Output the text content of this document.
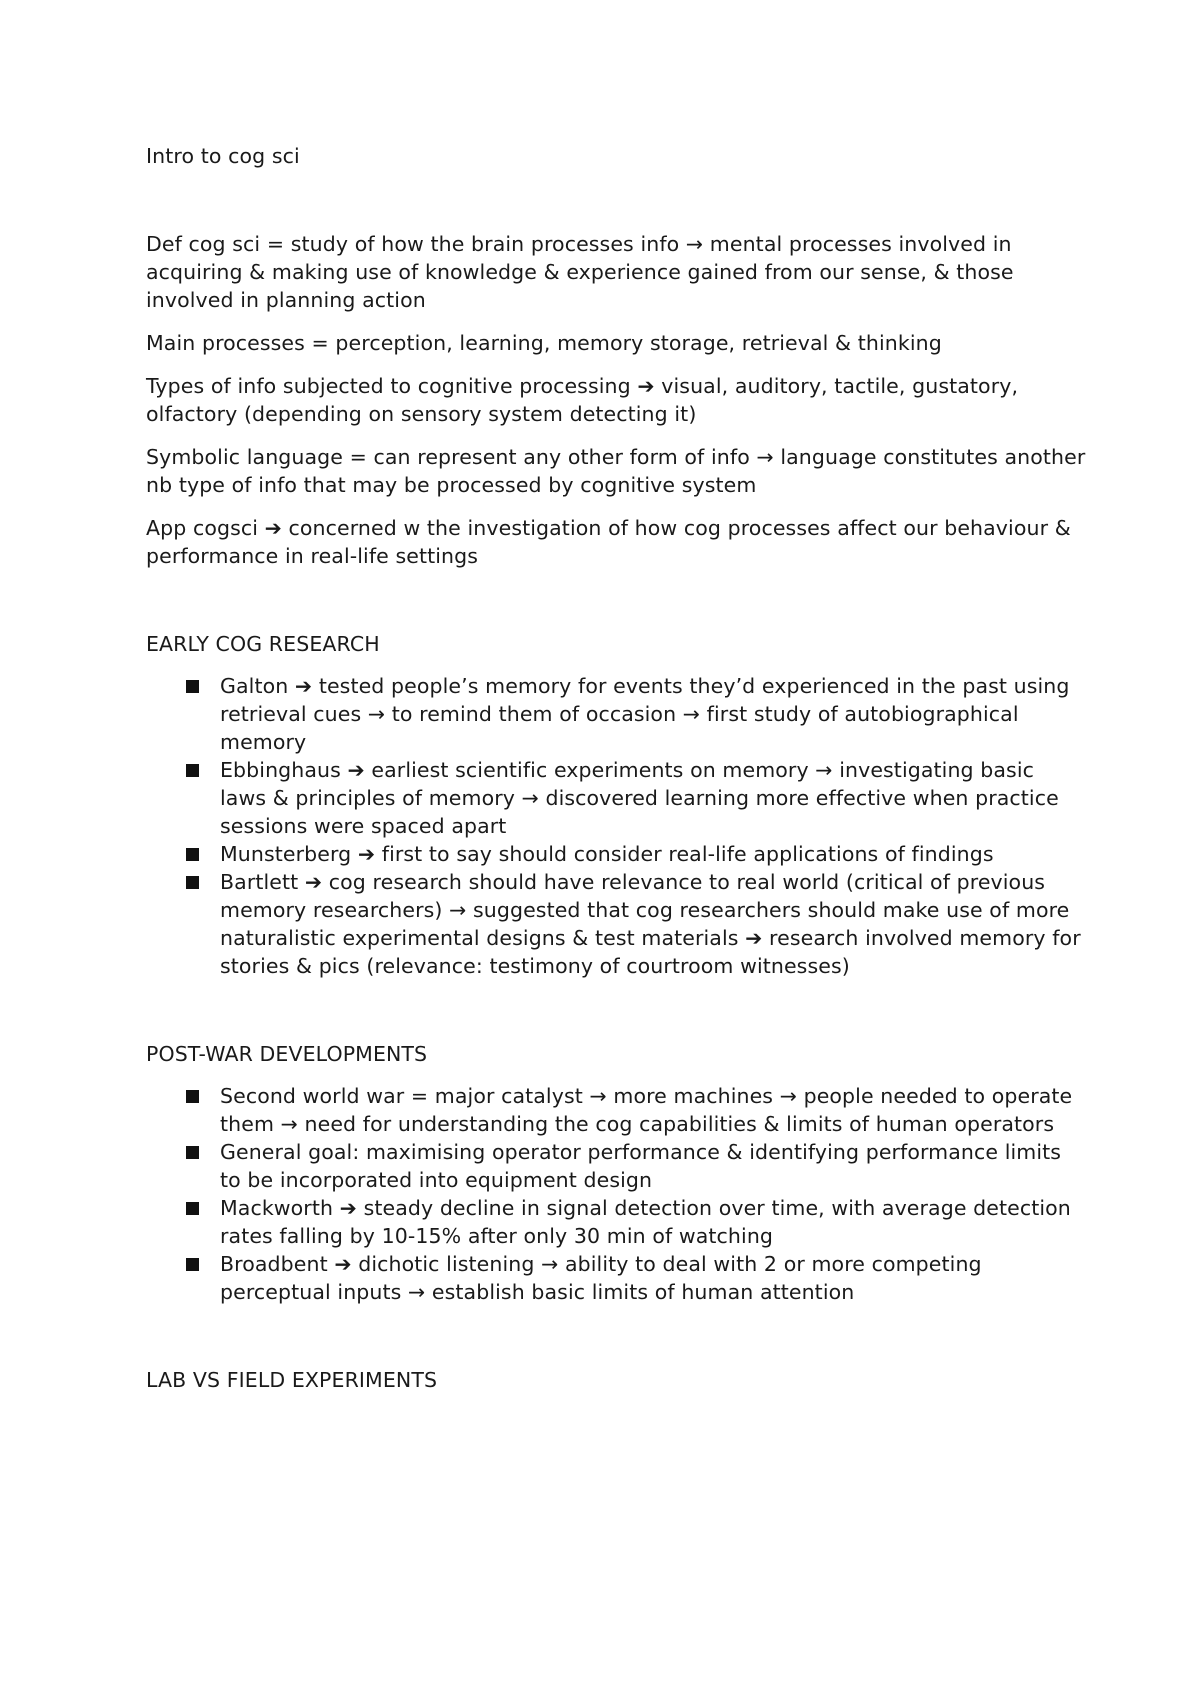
Intro to cog sci
Def cog sci = study of how the brain processes info → mental processes involved in acquiring & making use of knowledge & experience gained from our sense, & those involved in planning action
Main processes = perception, learning, memory storage, retrieval & thinking
Types of info subjected to cognitive processing ➔ visual, auditory, tactile, gustatory, olfactory (depending on sensory system detecting it)
Symbolic language = can represent any other form of info → language constitutes another nb type of info that may be processed by cognitive system
App cogsci ➔ concerned w the investigation of how cog processes affect our behaviour & performance in real-life settings
EARLY COG RESEARCH
Galton ➔ tested people’s memory for events they’d experienced in the past using retrieval cues → to remind them of occasion → first study of autobiographical memory
Ebbinghaus ➔ earliest scientific experiments on memory → investigating basic laws & principles of memory → discovered learning more effective when practice sessions were spaced apart
Munsterberg ➔ first to say should consider real-life applications of findings
Bartlett ➔ cog research should have relevance to real world (critical of previous memory researchers) → suggested that cog researchers should make use of more naturalistic experimental designs & test materials ➔ research involved memory for stories & pics (relevance: testimony of courtroom witnesses)
POST-WAR DEVELOPMENTS
Second world war = major catalyst → more machines → people needed to operate them → need for understanding the cog capabilities & limits of human operators
General goal: maximising operator performance & identifying performance limits to be incorporated into equipment design
Mackworth ➔ steady decline in signal detection over time, with average detection rates falling by 10-15% after only 30 min of watching
Broadbent ➔ dichotic listening → ability to deal with 2 or more competing perceptual inputs → establish basic limits of human attention
LAB VS FIELD EXPERIMENTS
